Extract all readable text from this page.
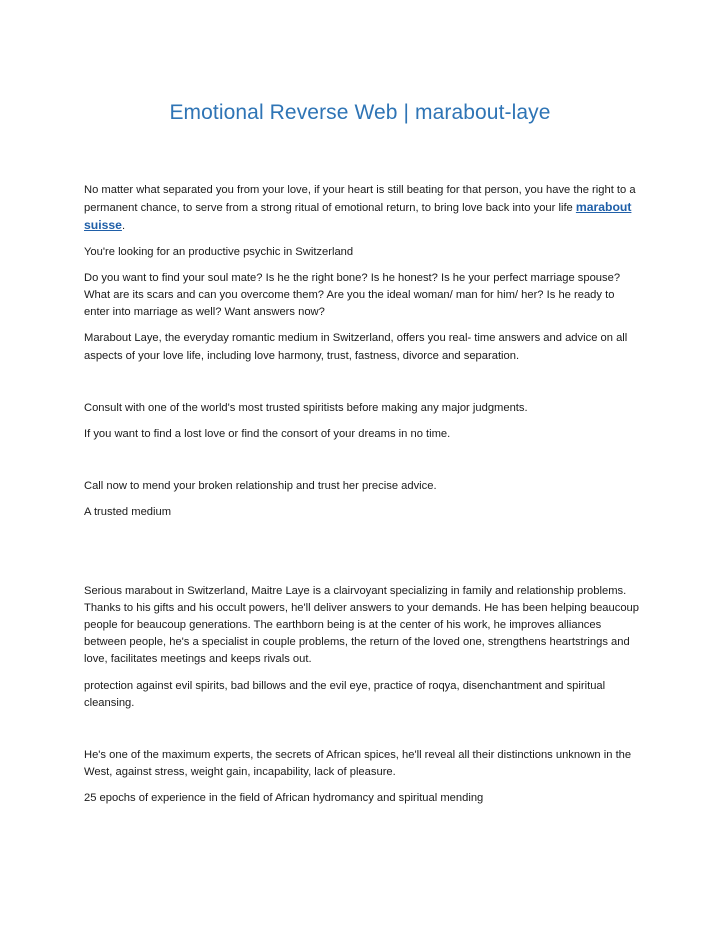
Emotional Reverse Web | marabout-laye

No matter what separated you from your love, if your heart is still beating for that person, you have the right to a permanent chance, to serve from a strong ritual of emotional return, to bring love back into your life marabout suisse.

You're looking for an productive psychic in Switzerland

Do you want to find your soul mate? Is he the right bone? Is he honest? Is he your perfect marriage spouse? What are its scars and can you overcome them? Are you the ideal woman/ man for him/ her? Is he ready to enter into marriage as well? Want answers now?

Marabout Laye, the everyday romantic medium in Switzerland, offers you real- time answers and advice on all aspects of your love life, including love harmony, trust, fastness, divorce and separation.

Consult with one of the world's most trusted spiritists before making any major judgments.

If you want to find a lost love or find the consort of your dreams in no time.

Call now to mend your broken relationship and trust her precise advice.

A trusted medium

Serious marabout in Switzerland, Maitre Laye is a clairvoyant specializing in family and relationship problems. Thanks to his gifts and his occult powers, he'll deliver answers to your demands. He has been helping beaucoup people for beaucoup generations. The earthborn being is at the center of his work, he improves alliances between people, he's a specialist in couple problems, the return of the loved one, strengthens heartstrings and love, facilitates meetings and keeps rivals out.

protection against evil spirits, bad billows and the evil eye, practice of roqya, disenchantment and spiritual cleansing.

He's one of the maximum experts, the secrets of African spices, he'll reveal all their distinctions unknown in the West, against stress, weight gain, incapability, lack of pleasure.

25 epochs of experience in the field of African hydromancy and spiritual mending
